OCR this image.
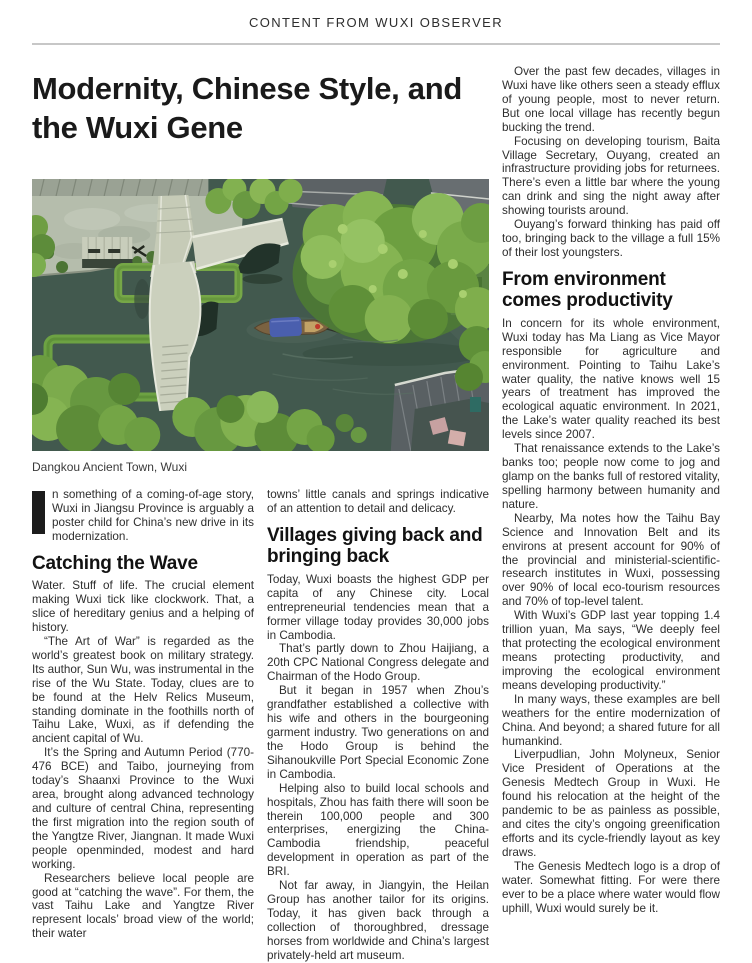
CONTENT FROM WUXI OBSERVER
Modernity, Chinese Style, and the Wuxi Gene
Dangkou Ancient Town, Wuxi

n something of a coming-of-age story, Wuxi in Jiangsu Province is arguably a poster child for China’s new drive in its modernization.

Catching the Wave

Water. Stuff of life. The crucial element making Wuxi tick like clockwork. That, a slice of hereditary genius and a helping of history.

“The Art of War” is regarded as the world’s greatest book on military strategy. Its author, Sun Wu, was instrumental in the rise of the Wu State. Today, clues are to be found at the Helv Relics Museum, standing dominate in the foothills north of Taihu Lake, Wuxi, as if defending the ancient capital of Wu.

It’s the Spring and Autumn Period (770-476 BCE) and Taibo, journeying from today’s Shaanxi Province to the Wuxi area, brought along advanced technology and culture of central China, representing the first migration into the region south of the Yangtze River, Jiangnan. It made Wuxi people openminded, modest and hard working.

Researchers believe local people are good at “catching the wave”. For them, the vast Taihu Lake and Yangtze River represent locals’ broad view of the world; their water

towns’ little canals and springs indicative of an attention to detail and delicacy.

Villages giving back and bringing back

Today, Wuxi boasts the highest GDP per capita of any Chinese city. Local entrepreneurial tendencies mean that a former village today provides 30,000 jobs in Cambodia.

That’s partly down to Zhou Haijiang, a 20th CPC National Congress delegate and Chairman of the Hodo Group.

But it began in 1957 when Zhou’s grandfather established a collective with his wife and others in the bourgeoning garment industry. Two generations on and the Hodo Group is behind the Sihanoukville Port Special Economic Zone in Cambodia.

Helping also to build local schools and hospitals, Zhou has faith there will soon be therein 100,000 people and 300 enterprises, energizing the China-Cambodia friendship, peaceful development in operation as part of the BRI.

Not far away, in Jiangyin, the Heilan Group has another tailor for its origins. Today, it has given back through a collection of thoroughbred, dressage horses from worldwide and China’s largest privately-held art museum.

Over the past few decades, villages in Wuxi have like others seen a steady efflux of young people, most to never return. But one local village has recently begun bucking the trend.

Focusing on developing tourism, Baita Village Secretary, Ouyang, created an infrastructure providing jobs for returnees. There’s even a little bar where the young can drink and sing the night away after showing tourists around.

Ouyang’s forward thinking has paid off too, bringing back to the village a full 15% of their lost youngsters.

From environment comes productivity

In concern for its whole environment, Wuxi today has Ma Liang as Vice Mayor responsible for agriculture and environment. Pointing to Taihu Lake’s water quality, the native knows well 15 years of treatment has improved the ecological aquatic environment. In 2021, the Lake’s water quality reached its best levels since 2007.

That renaissance extends to the Lake’s banks too; people now come to jog and glamp on the banks full of restored vitality, spelling harmony between humanity and nature.

Nearby, Ma notes how the Taihu Bay Science and Innovation Belt and its environs at present account for 90% of the provincial and ministerial-scientific-research institutes in Wuxi, possessing over 90% of local eco-tourism resources and 70% of top-level talent.

With Wuxi’s GDP last year topping 1.4 trillion yuan, Ma says, “We deeply feel that protecting the ecological environment means protecting productivity, and improving the ecological environment means developing productivity.”

In many ways, these examples are bell weathers for the entire modernization of China. And beyond; a shared future for all humankind.

Liverpudlian, John Molyneux, Senior Vice President of Operations at the Genesis Medtech Group in Wuxi. He found his relocation at the height of the pandemic to be as painless as possible, and cites the city’s ongoing greenification efforts and its cycle-friendly layout as key draws.

The Genesis Medtech logo is a drop of water. Somewhat fitting. For were there ever to be a place where water would flow uphill, Wuxi would surely be it.
